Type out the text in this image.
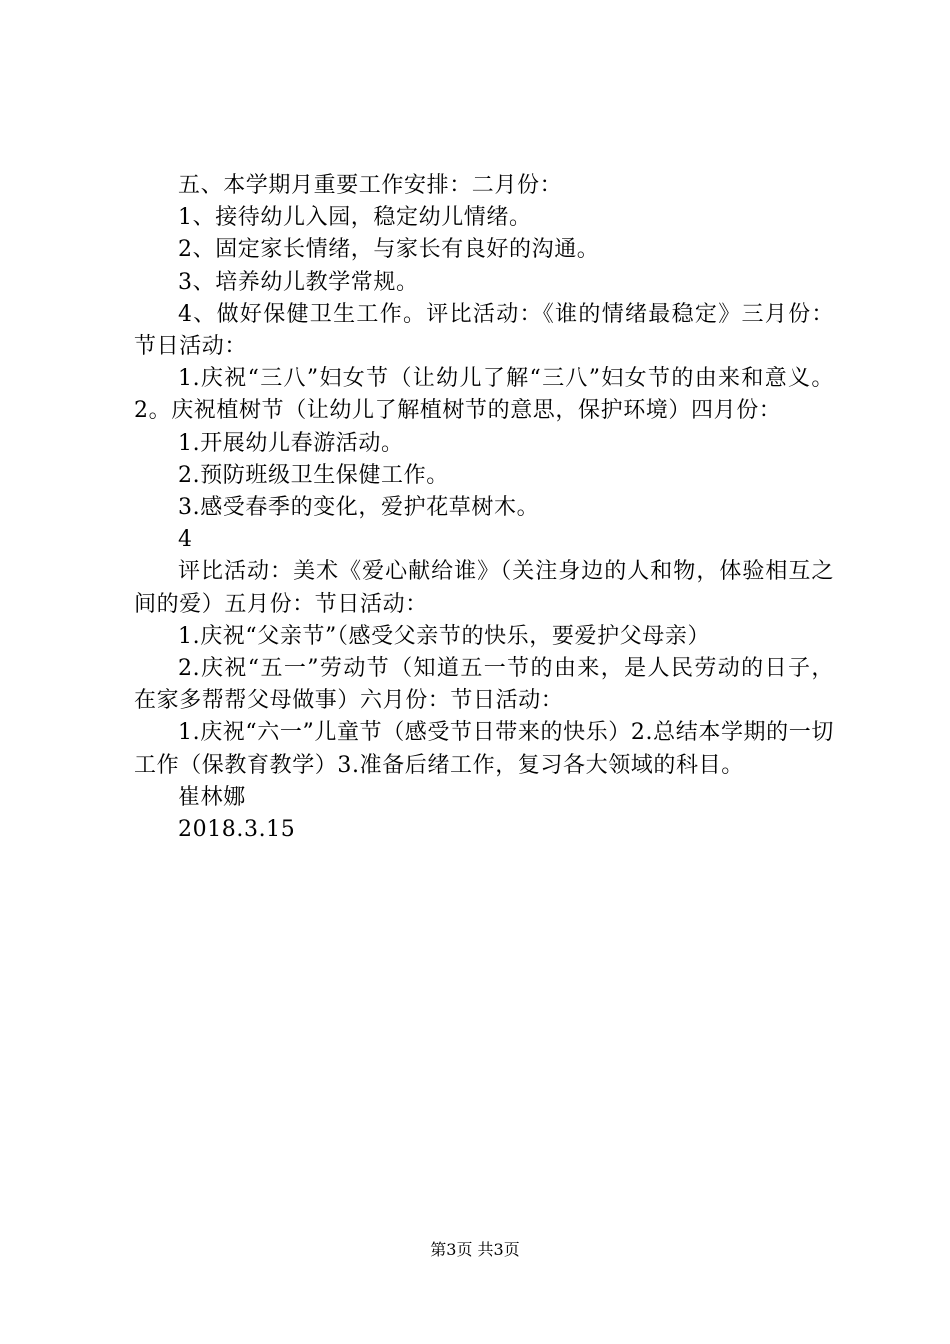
五、本学期月重要工作安排：二月份：

1、接待幼儿入园，稳定幼儿情绪。

2、固定家长情绪，与家长有良好的沟通。

3、培养幼儿教学常规。

4、做好保健卫生工作。评比活动：《谁的情绪最稳定》三月份：节日活动：

1.庆祝“三八”妇女节（让幼儿了解“三八”妇女节的由来和意义。2。庆祝植树节（让幼儿了解植树节的意思，保护环境）四月份：

1.开展幼儿春游活动。

2.预防班级卫生保健工作。

3.感受春季的变化，爱护花草树木。

4

评比活动：美术《爱心献给谁》（关注身边的人和物，体验相互之间的爱）五月份：节日活动：

1.庆祝“父亲节”（感受父亲节的快乐，要爱护父母亲）

2.庆祝“五一”劳动节（知道五一节的由来，是人民劳动的日子，在家多帮帮父母做事）六月份：节日活动：

1.庆祝“六一”儿童节（感受节日带来的快乐）2.总结本学期的一切工作（保教育教学）3.准备后绪工作，复习各大领域的科目。

崔林娜

2018.3.15

第3页 共3页
